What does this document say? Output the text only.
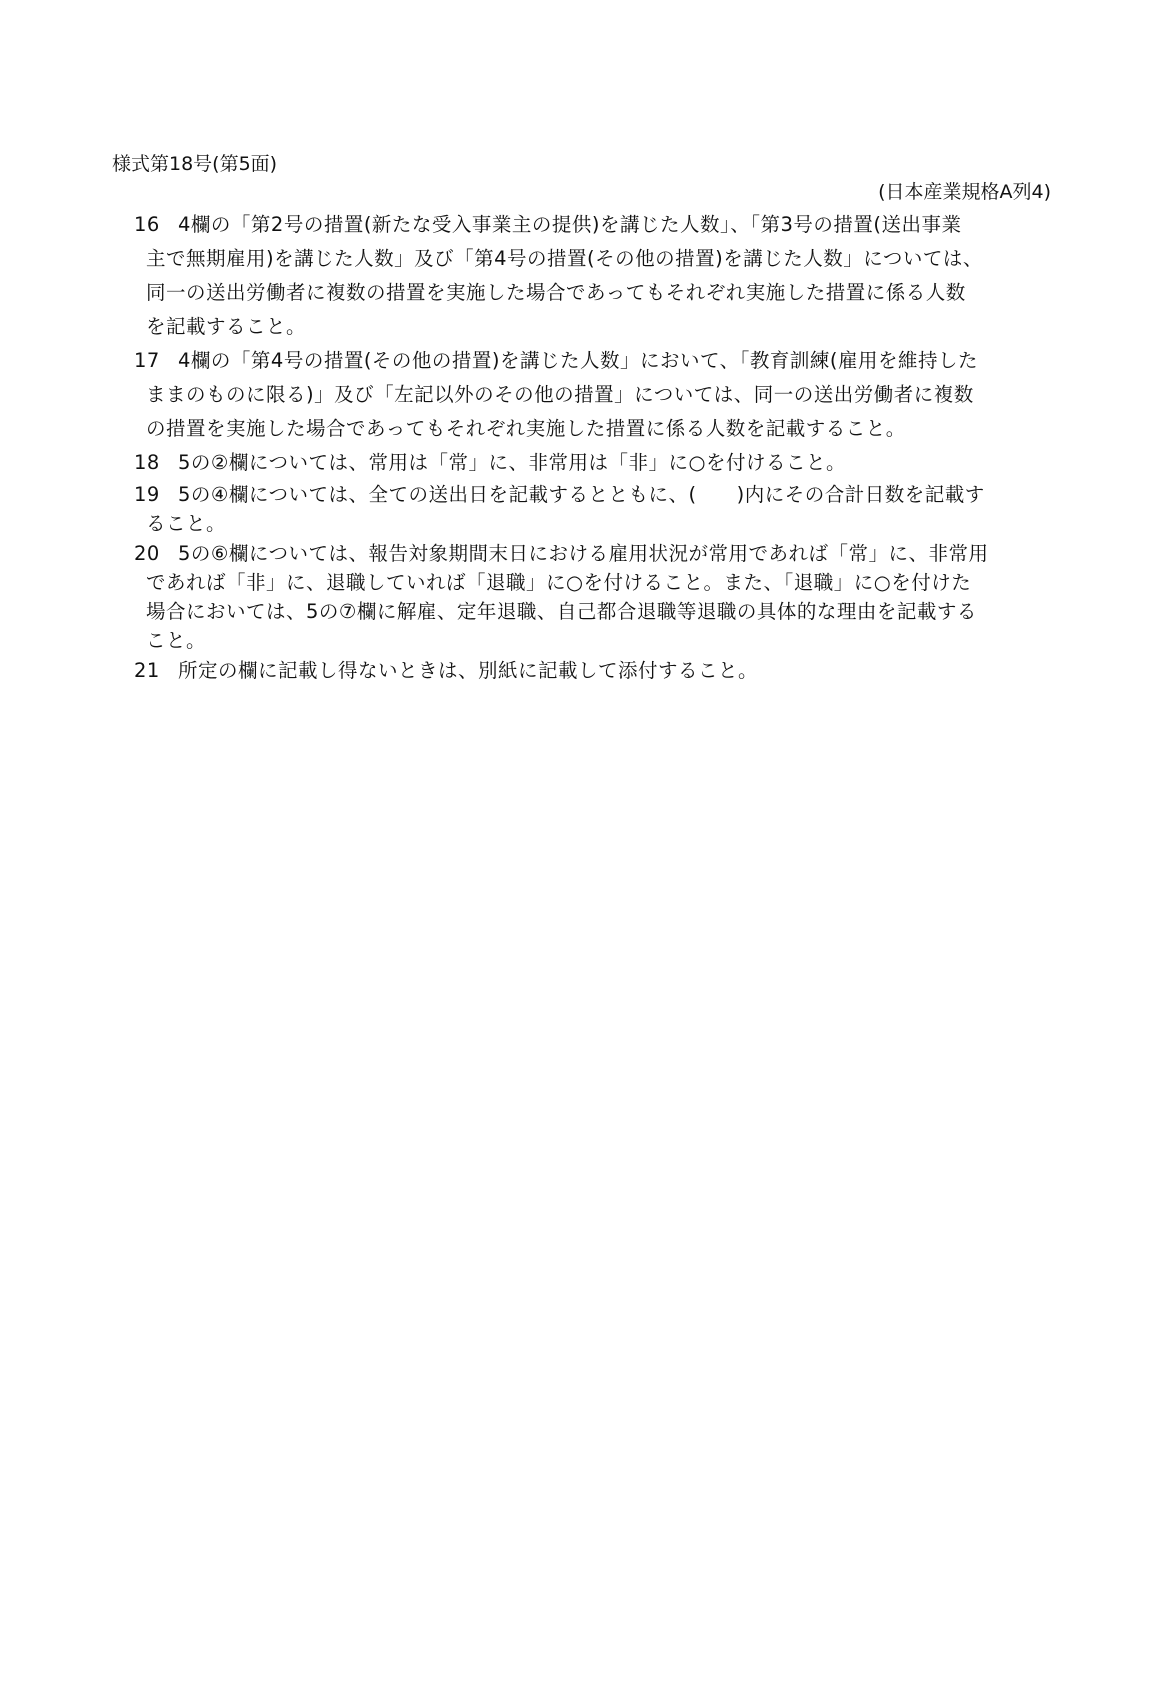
様式第18号(第5面)
(日本産業規格A列4)
16 4欄の「第2号の措置(新たな受入事業主の提供)を講じた人数」、「第3号の措置(送出事業
主で無期雇用)を講じた人数」及び「第4号の措置(その他の措置)を講じた人数」については、
同一の送出労働者に複数の措置を実施した場合であってもそれぞれ実施した措置に係る人数
を記載すること。
17 4欄の「第4号の措置(その他の措置)を講じた人数」において、「教育訓練(雇用を維持した
ままのものに限る)」及び「左記以外のその他の措置」については、同一の送出労働者に複数
の措置を実施した場合であってもそれぞれ実施した措置に係る人数を記載すること。
18 5の②欄については、常用は「常」に、非常用は「非」に○を付けること。
19 5の④欄については、全ての送出日を記載するとともに、(　　)内にその合計日数を記載す
ること。
20 5の⑥欄については、報告対象期間末日における雇用状況が常用であれば「常」に、非常用
であれば「非」に、退職していれば「退職」に○を付けること。また、「退職」に○を付けた
場合においては、5の⑦欄に解雇、定年退職、自己都合退職等退職の具体的な理由を記載する
こと。
21 所定の欄に記載し得ないときは、別紙に記載して添付すること。
